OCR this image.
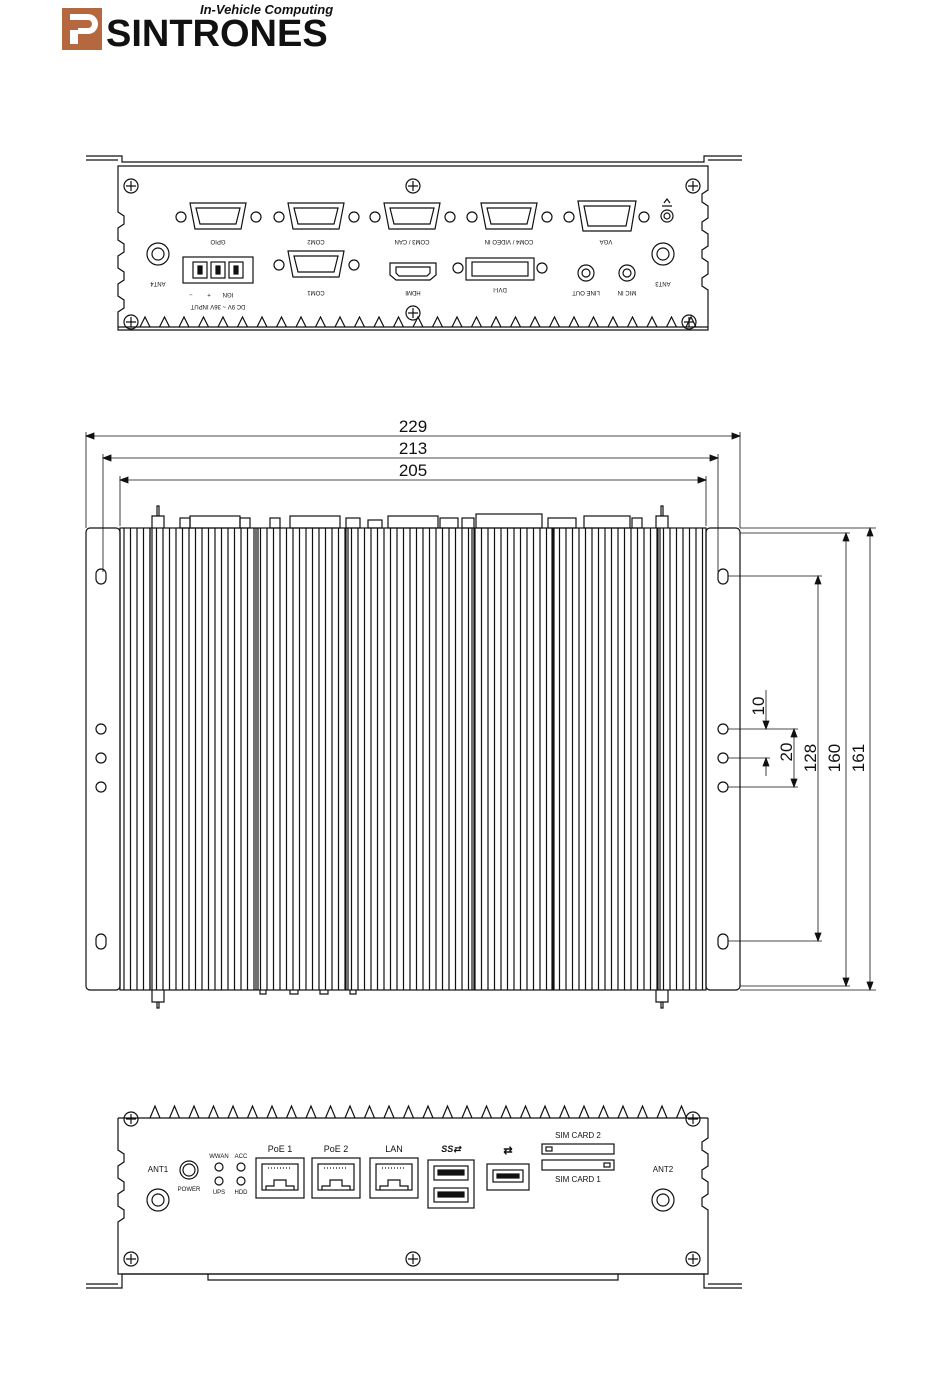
SINTRONES
In-Vehicle Computing
GPIO	COM2	COM3 / CAN	COM4 / VIDEO IN	VGA
COM1	HDMI	DVI-I	LINE OUT	MIC IN
ANT3
ANT4
IGN
+
−
DC 9V ~ 36V INPUT
229
213
205
10
20 128 160 161
ANT1	ANT2
POWER
WWAN
UPS
ACC
HDD
PoE 1	PoE 2	LAN	SS⇄	⇄
SIM CARD 2
SIM CARD 1
